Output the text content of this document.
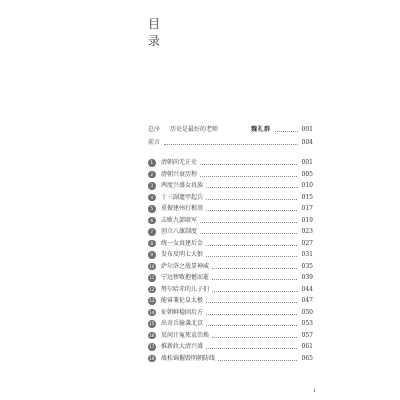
目
录
总序 历史是最好的老师	魏礼群	001
前言	004
1	清朝尚无正史	001
2	清朝兴衰历程	005
3	两度兴盛女真族	010
4	十三副遗甲起兵	015
5	重振建州打根基	017
6	击败九部联军	019
7	创立八旗制度	023
8	统一女真建后金	027
9	发布反明七大恨	031
10 萨尔浒之战显神威	035
11 宁远惨败抱憾而逝	039
12 努尔哈赤的儿子们	044
13 能睿兼伦皇太极	047
14 征朝鲜稳固后方	050
15 出奇兵偷袭北京	053
16 反间计冤死袁崇焕	057
17 推新政大清兴盛	061
18 战松锦摧毁明朝防线	065
1
